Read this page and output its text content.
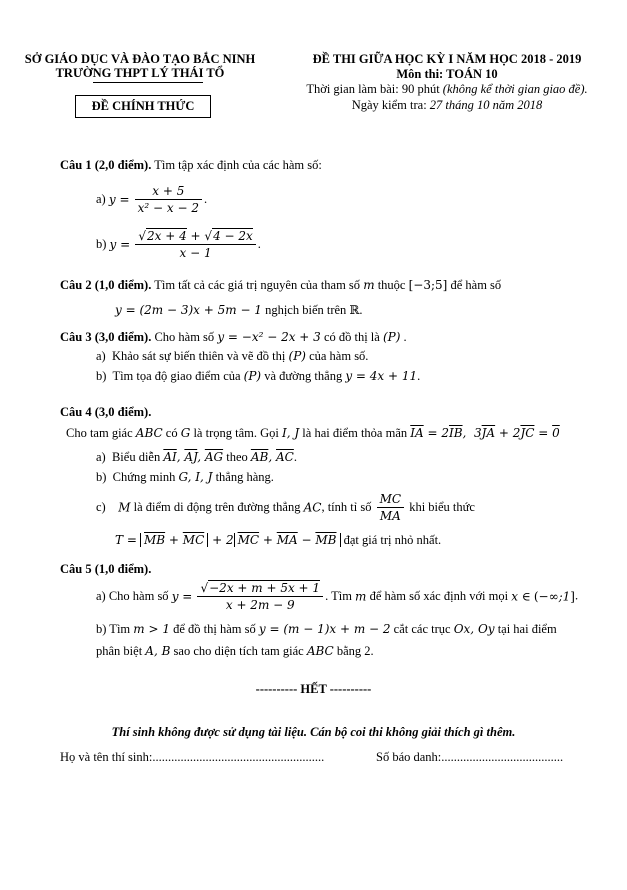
SỞ GIÁO DỤC VÀ ĐÀO TẠO BẮC NINH
TRƯỜNG THPT LÝ THÁI TỔ
ĐỀ CHÍNH THỨC
ĐỀ THI GIỮA HỌC KỲ I NĂM HỌC 2018 - 2019
Môn thi: TOÁN 10
Thời gian làm bài: 90 phút (không kể thời gian giao đề).
Ngày kiểm tra: 27 tháng 10 năm 2018
Câu 1 (2,0 điểm). Tìm tập xác định của các hàm số:
a) $y = \frac{x + 5}{\text{x² − x − 2}}$ .
b) $y = \frac{√2x + 4 + √4 - 2x}{x - 1}$ .
Câu 2 (1,0 điểm). Tìm tất cả các giá trị nguyên của tham số m thuộc [−3;5] để hàm số
y = (2m − 3)x + 5m − 1 nghịch biến trên ℝ.
Câu 3 (3,0 điểm). Cho hàm số y = −x² − 2x + 3 có đồ thị là (P) .
a) Khảo sát sự biến thiên và vẽ đồ thị (P) của hàm số.
b) Tìm tọa độ giao điểm của (P) và đường thẳng y = 4x + 11.
Câu 4 (3,0 điểm).
Cho tam giác ABC có G là trọng tâm. Gọi I, J là hai điểm thỏa mãn $\overline{IA} = 2\overline{IB}$,  $3\overline{JA} + 2\overline{JC} = 0$
a) Biểu diễn $\overline{AI}$, $\overline{AJ}$, $\overline{AG}$ theo $\overline{AB}$, $\overline{AC}$.
b) Chứng minh G, I, J thẳng hàng.
c) M là điểm di động trên đường thẳng AC, tính tỉ số $\frac{MC}{MA}$ khi biểu thức
$T = \overline{MB} + \overline{MC} + 2$ $\overline{MC} + \overline{MA} - \overline{MB}$ đạt giá trị nhỏ nhất.
Câu 5 (1,0 điểm).
a) Cho hàm số $y = \frac{√-2x + m + 5x + 1}{x + 2m - 9}$ . Tìm m để hàm số xác định với mọi x ∈ (−∞;1].
b) Tìm m > 1 để đồ thị hàm số y = (m − 1)x + m − 2 cắt các trục Ox, Oy tại hai điểm
phân biệt A, B sao cho diện tích tam giác ABC bằng 2.
---------- HẾT ----------
Thí sinh không được sử dụng tài liệu. Cán bộ coi thi không giải thích gì thêm.
Họ và tên thí sinh:.......................................................	Số báo danh:.......................................
